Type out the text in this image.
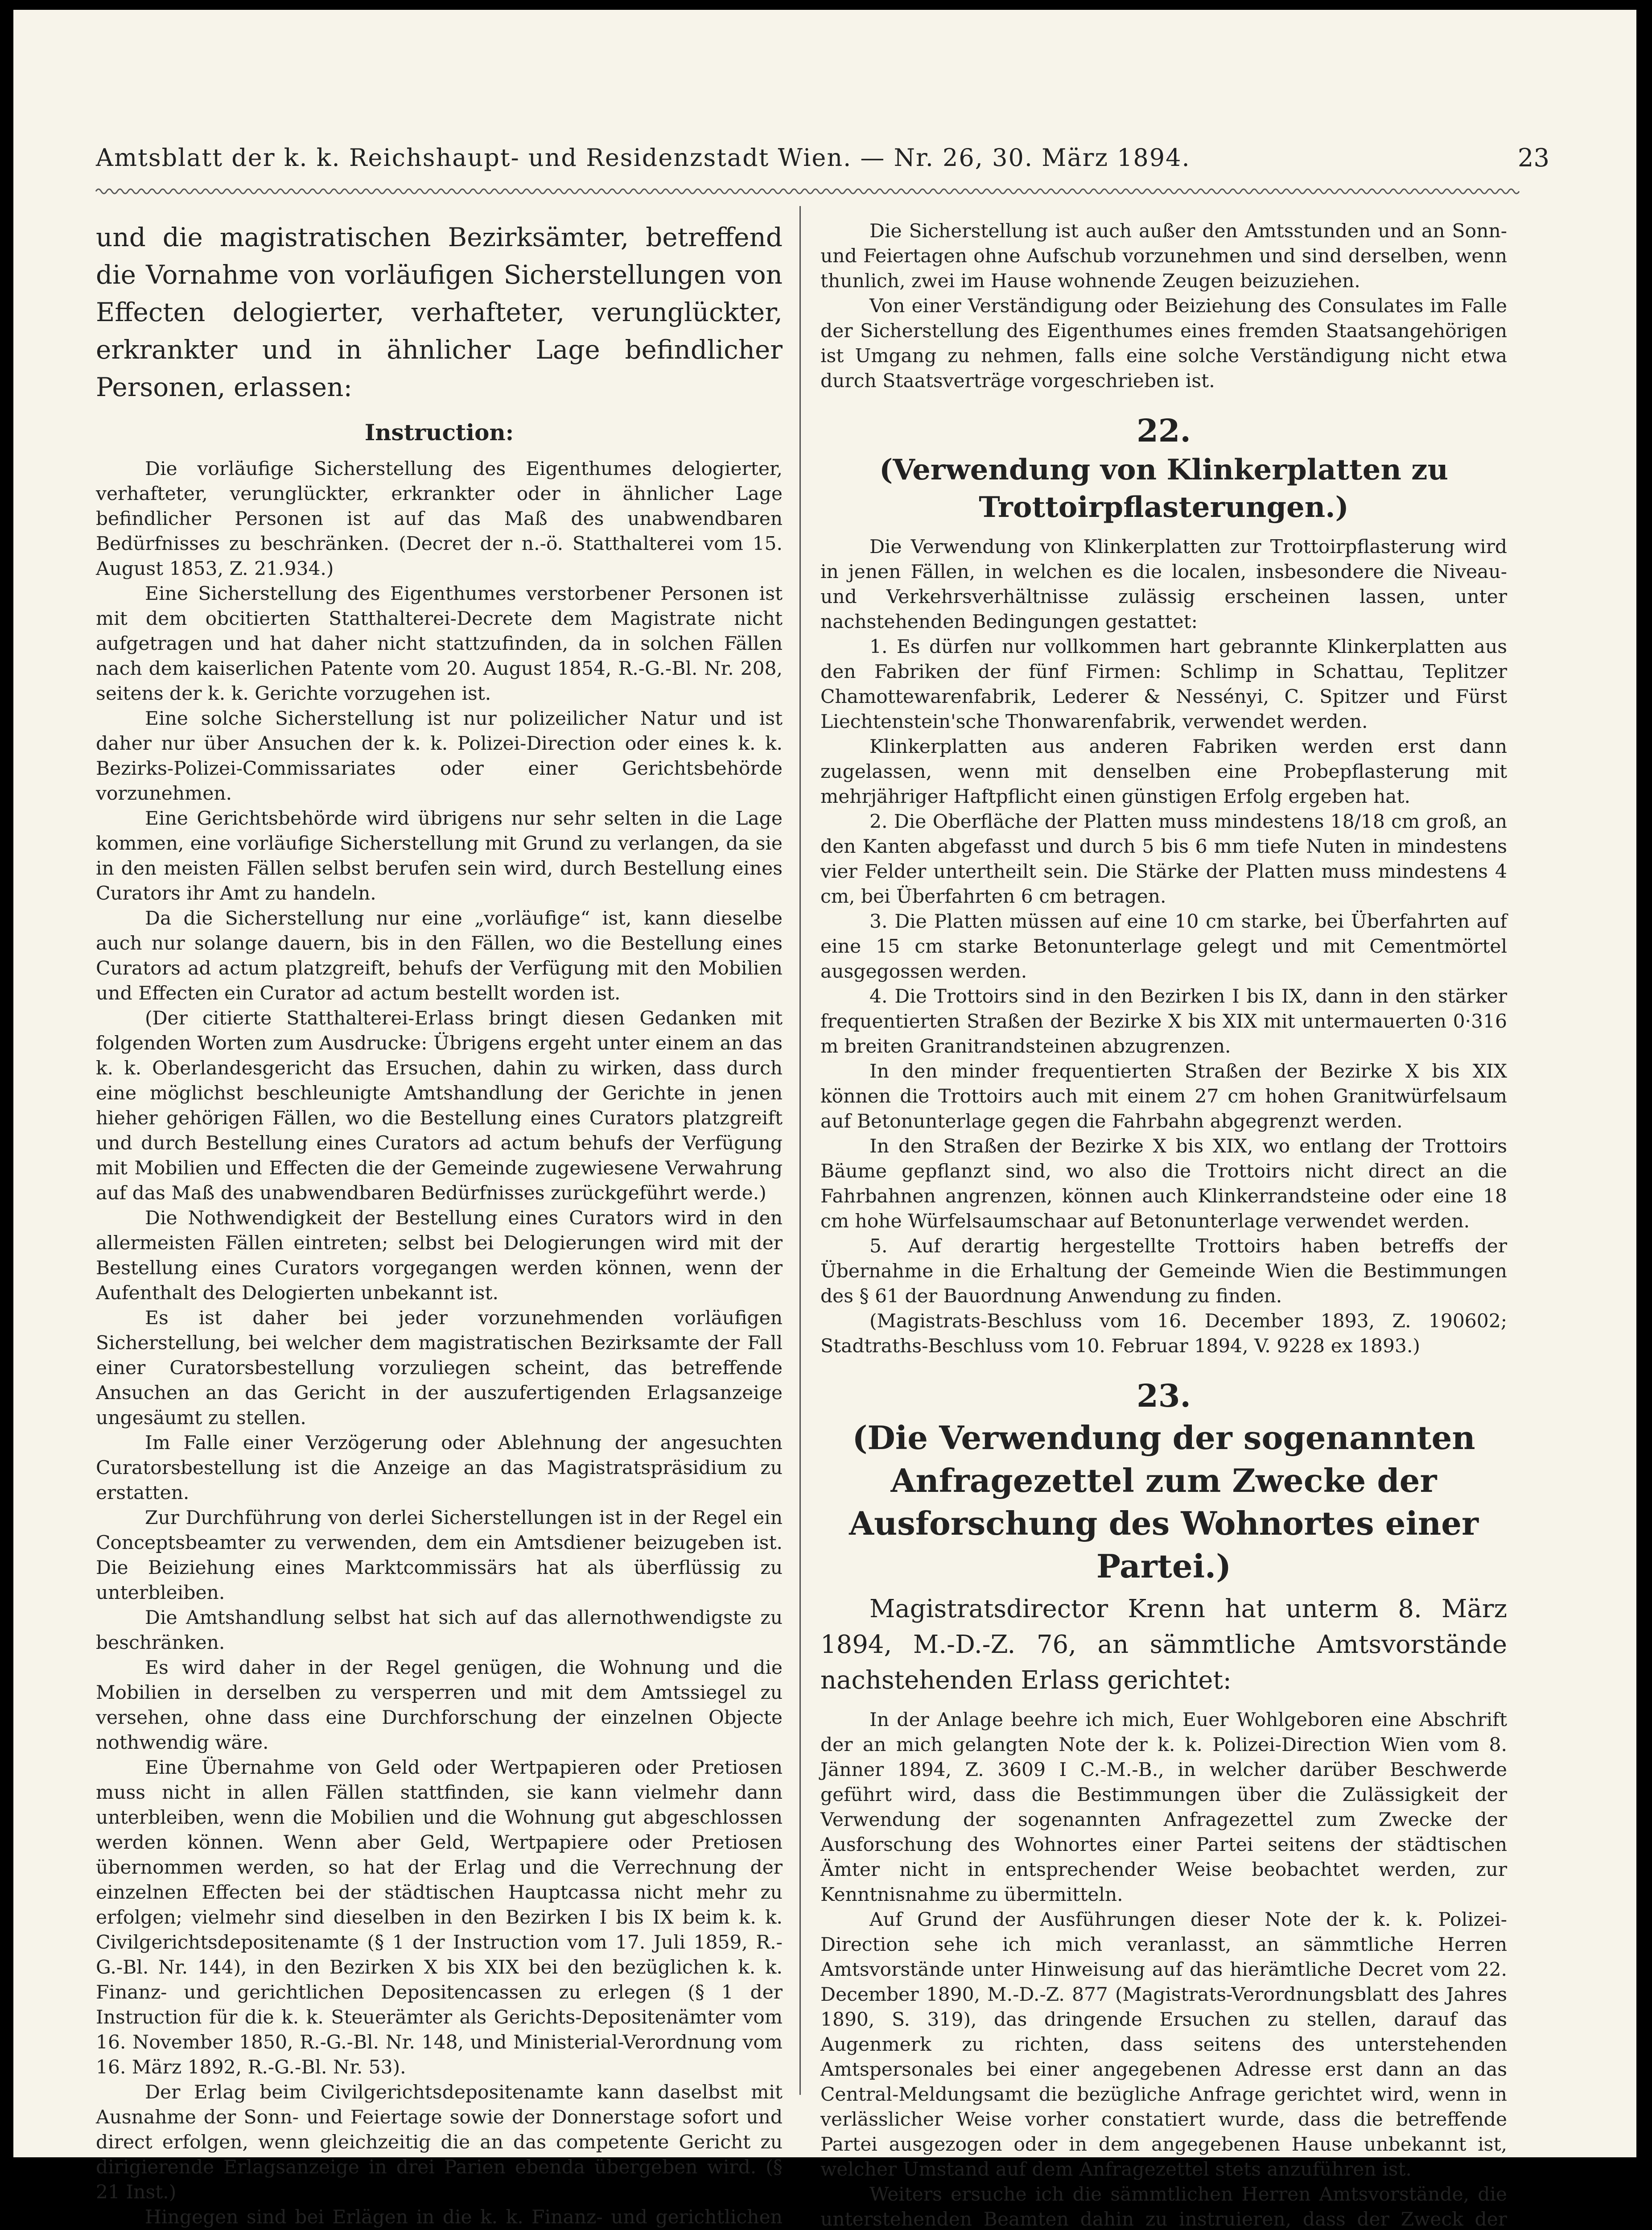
Amtsblatt der k. k. Reichshaupt- und Residenzstadt Wien. — Nr. 26, 30. März 1894.	23

und die magistratischen Bezirksämter, betreffend die Vornahme von vorläufigen Sicherstellungen von Effecten delogierter, verhafteter, verunglückter, erkrankter und in ähnlicher Lage befindlicher Personen, erlassen:

Instruction:

Die vorläufige Sicherstellung des Eigenthumes delogierter, verhafteter, verunglückter, erkrankter oder in ähnlicher Lage befindlicher Personen ist auf das Maß des unabwendbaren Bedürfnisses zu beschränken. (Decret der n.-ö. Statthalterei vom 15. August 1853, Z. 21.934.)

Eine Sicherstellung des Eigenthumes verstorbener Personen ist mit dem obcitierten Statthalterei-Decrete dem Magistrate nicht aufgetragen und hat daher nicht stattzufinden, da in solchen Fällen nach dem kaiserlichen Patente vom 20. August 1854, R.-G.-Bl. Nr. 208, seitens der k. k. Gerichte vorzugehen ist.

Eine solche Sicherstellung ist nur polizeilicher Natur und ist daher nur über Ansuchen der k. k. Polizei-Direction oder eines k. k. Bezirks-Polizei-Commissariates oder einer Gerichtsbehörde vorzunehmen.

Eine Gerichtsbehörde wird übrigens nur sehr selten in die Lage kommen, eine vorläufige Sicherstellung mit Grund zu verlangen, da sie in den meisten Fällen selbst berufen sein wird, durch Bestellung eines Curators ihr Amt zu handeln.

Da die Sicherstellung nur eine „vorläufige“ ist, kann dieselbe auch nur solange dauern, bis in den Fällen, wo die Bestellung eines Curators ad actum platzgreift, behufs der Verfügung mit den Mobilien und Effecten ein Curator ad actum bestellt worden ist.

(Der citierte Statthalterei-Erlass bringt diesen Gedanken mit folgenden Worten zum Ausdrucke: Übrigens ergeht unter einem an das k. k. Oberlandesgericht das Ersuchen, dahin zu wirken, dass durch eine möglichst beschleunigte Amtshandlung der Gerichte in jenen hieher gehörigen Fällen, wo die Bestellung eines Curators platzgreift und durch Bestellung eines Curators ad actum behufs der Verfügung mit Mobilien und Effecten die der Gemeinde zugewiesene Verwahrung auf das Maß des unabwendbaren Bedürfnisses zurückgeführt werde.)

Die Nothwendigkeit der Bestellung eines Curators wird in den allermeisten Fällen eintreten; selbst bei Delogierungen wird mit der Bestellung eines Curators vorgegangen werden können, wenn der Aufenthalt des Delogierten unbekannt ist.

Es ist daher bei jeder vorzunehmenden vorläufigen Sicherstellung, bei welcher dem magistratischen Bezirksamte der Fall einer Curatorsbestellung vorzuliegen scheint, das betreffende Ansuchen an das Gericht in der auszufertigenden Erlagsanzeige ungesäumt zu stellen.

Im Falle einer Verzögerung oder Ablehnung der angesuchten Curatorsbestellung ist die Anzeige an das Magistratspräsidium zu erstatten.

Zur Durchführung von derlei Sicherstellungen ist in der Regel ein Conceptsbeamter zu verwenden, dem ein Amtsdiener beizugeben ist. Die Beiziehung eines Marktcommissärs hat als überflüssig zu unterbleiben.

Die Amtshandlung selbst hat sich auf das allernothwendigste zu beschränken.

Es wird daher in der Regel genügen, die Wohnung und die Mobilien in derselben zu versperren und mit dem Amtssiegel zu versehen, ohne dass eine Durchforschung der einzelnen Objecte nothwendig wäre.

Eine Übernahme von Geld oder Wertpapieren oder Pretiosen muss nicht in allen Fällen stattfinden, sie kann vielmehr dann unterbleiben, wenn die Mobilien und die Wohnung gut abgeschlossen werden können. Wenn aber Geld, Wertpapiere oder Pretiosen übernommen werden, so hat der Erlag und die Verrechnung der einzelnen Effecten bei der städtischen Hauptcassa nicht mehr zu erfolgen; vielmehr sind dieselben in den Bezirken I bis IX beim k. k. Civilgerichtsdepositenamte (§ 1 der Instruction vom 17. Juli 1859, R.-G.-Bl. Nr. 144), in den Bezirken X bis XIX bei den bezüglichen k. k. Finanz- und gerichtlichen Depositencassen zu erlegen (§ 1 der Instruction für die k. k. Steuerämter als Gerichts-Depositenämter vom 16. November 1850, R.-G.-Bl. Nr. 148, und Ministerial-Verordnung vom 16. März 1892, R.-G.-Bl. Nr. 53).

Der Erlag beim Civilgerichtsdepositenamte kann daselbst mit Ausnahme der Sonn- und Feiertage sowie der Donnerstage sofort und direct erfolgen, wenn gleichzeitig die an das competente Gericht zu dirigierende Erlagsanzeige in drei Parien ebenda übergeben wird. (§ 21 Inst.)

Hingegen sind bei Erlägen in die k. k. Finanz- und gerichtlichen

Die Sicherstellung ist auch außer den Amtsstunden und an Sonn- und Feiertagen ohne Aufschub vorzunehmen und sind derselben, wenn thunlich, zwei im Hause wohnende Zeugen beizuziehen.

Von einer Verständigung oder Beiziehung des Consulates im Falle der Sicherstellung des Eigenthumes eines fremden Staatsangehörigen ist Umgang zu nehmen, falls eine solche Verständigung nicht etwa durch Staatsverträge vorgeschrieben ist.

22.
(Verwendung von Klinkerplatten zu Trottoirpflasterungen.)

Die Verwendung von Klinkerplatten zur Trottoirpflasterung wird in jenen Fällen, in welchen es die localen, insbesondere die Niveau- und Verkehrsverhältnisse zulässig erscheinen lassen, unter nachstehenden Bedingungen gestattet:

1. Es dürfen nur vollkommen hart gebrannte Klinkerplatten aus den Fabriken der fünf Firmen: Schlimp in Schattau, Teplitzer Chamottewarenfabrik, Lederer & Nessényi, C. Spitzer und Fürst Liechtenstein'sche Thonwarenfabrik, verwendet werden.

Klinkerplatten aus anderen Fabriken werden erst dann zugelassen, wenn mit denselben eine Probepflasterung mit mehrjähriger Haftpflicht einen günstigen Erfolg ergeben hat.

2. Die Oberfläche der Platten muss mindestens 18/18 cm groß, an den Kanten abgefasst und durch 5 bis 6 mm tiefe Nuten in mindestens vier Felder untertheilt sein. Die Stärke der Platten muss mindestens 4 cm, bei Überfahrten 6 cm betragen.

3. Die Platten müssen auf eine 10 cm starke, bei Überfahrten auf eine 15 cm starke Betonunterlage gelegt und mit Cementmörtel ausgegossen werden.

4. Die Trottoirs sind in den Bezirken I bis IX, dann in den stärker frequentierten Straßen der Bezirke X bis XIX mit untermauerten 0·316 m breiten Granitrandsteinen abzugrenzen.

In den minder frequentierten Straßen der Bezirke X bis XIX können die Trottoirs auch mit einem 27 cm hohen Granitwürfelsaum auf Betonunterlage gegen die Fahrbahn abgegrenzt werden.

In den Straßen der Bezirke X bis XIX, wo entlang der Trottoirs Bäume gepflanzt sind, wo also die Trottoirs nicht direct an die Fahrbahnen angrenzen, können auch Klinkerrandsteine oder eine 18 cm hohe Würfelsaumschaar auf Betonunterlage verwendet werden.

5. Auf derartig hergestellte Trottoirs haben betreffs der Übernahme in die Erhaltung der Gemeinde Wien die Bestimmungen des § 61 der Bauordnung Anwendung zu finden.

(Magistrats-Beschluss vom 16. December 1893, Z. 190602; Stadtraths-Beschluss vom 10. Februar 1894, V. 9228 ex 1893.)

23.
(Die Verwendung der sogenannten Anfragezettel zum Zwecke der Ausforschung des Wohnortes einer Partei.)

Magistratsdirector Krenn hat unterm 8. März 1894, M.-D.-Z. 76, an sämmtliche Amtsvorstände nachstehenden Erlass gerichtet:

In der Anlage beehre ich mich, Euer Wohlgeboren eine Abschrift der an mich gelangten Note der k. k. Polizei-Direction Wien vom 8. Jänner 1894, Z. 3609 I C.-M.-B., in welcher darüber Beschwerde geführt wird, dass die Bestimmungen über die Zulässigkeit der Verwendung der sogenannten Anfragezettel zum Zwecke der Ausforschung des Wohnortes einer Partei seitens der städtischen Ämter nicht in entsprechender Weise beobachtet werden, zur Kenntnisnahme zu übermitteln.

Auf Grund der Ausführungen dieser Note der k. k. Polizei-Direction sehe ich mich veranlasst, an sämmtliche Herren Amtsvorstände unter Hinweisung auf das hierämtliche Decret vom 22. December 1890, M.-D.-Z. 877 (Magistrats-Verordnungsblatt des Jahres 1890, S. 319), das dringende Ersuchen zu stellen, darauf das Augenmerk zu richten, dass seitens des unterstehenden Amtspersonales bei einer angegebenen Adresse erst dann an das Central-Meldungsamt die bezügliche Anfrage gerichtet wird, wenn in verlässlicher Weise vorher constatiert wurde, dass die betreffende Partei ausgezogen oder in dem angegebenen Hause unbekannt ist, welcher Umstand auf dem Anfragezettel stets anzuführen ist.

Weiters ersuche ich die sämmtlichen Herren Amtsvorstände, die unterstehenden Beamten dahin zu instruieren, dass der Zweck der
